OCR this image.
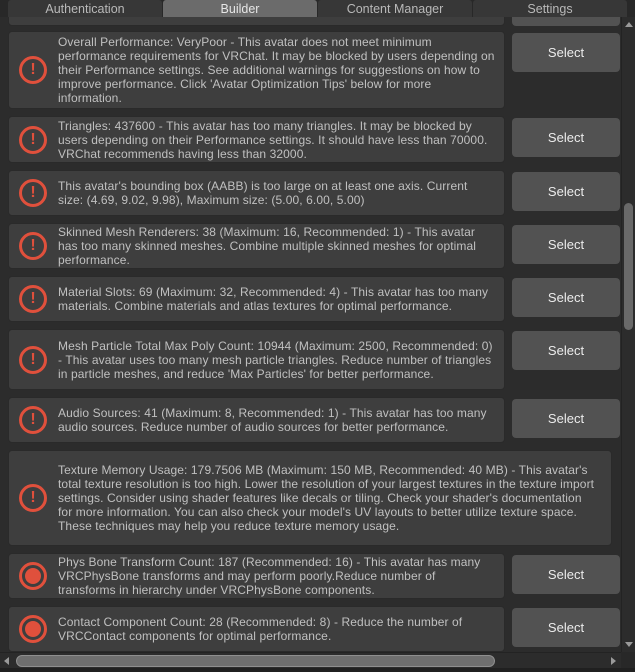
Authentication	Builder	Content Manager	Settings
!
Overall Performance: VeryPoor - This avatar does not meet minimum performance requirements for VRChat. It may be blocked by users depending on their Performance settings. See additional warnings for suggestions on how to improve performance. Click 'Avatar Optimization Tips' below for more information.
Select
!
Triangles: 437600 - This avatar has too many triangles. It may be blocked by users depending on their Performance settings. It should have less than 70000. VRChat recommends having less than 32000.
Select
!	This avatar's bounding box (AABB) is too large on at least one axis. Current size: (4.69, 9.02, 9.98), Maximum size: (5.00, 6.00, 5.00)
Select
!
Skinned Mesh Renderers: 38 (Maximum: 16, Recommended: 1) - This avatar has too many skinned meshes. Combine multiple skinned meshes for optimal performance.
Select
!	Material Slots: 69 (Maximum: 32, Recommended: 4) - This avatar has too many materials. Combine materials and atlas textures for optimal performance.
Select
!
Mesh Particle Total Max Poly Count: 10944 (Maximum: 2500, Recommended: 0) - This avatar uses too many mesh particle triangles. Reduce number of triangles in particle meshes, and reduce 'Max Particles' for better performance.
Select
!	Audio Sources: 41 (Maximum: 8, Recommended: 1) - This avatar has too many audio sources. Reduce number of audio sources for better performance.
Select
!
Texture Memory Usage: 179.7506 MB (Maximum: 150 MB, Recommended: 40 MB) - This avatar's total texture resolution is too high. Lower the resolution of your largest textures in the texture import settings. Consider using shader features like decals or tiling. Check your shader's documentation for more information. You can also check your model's UV layouts to better utilize texture space. These techniques may help you reduce texture memory usage.
Phys Bone Transform Count: 187 (Recommended: 16) - This avatar has many VRCPhysBone transforms and may perform poorly.Reduce number of transforms in hierarchy under VRCPhysBone components.
Select
Contact Component Count: 28 (Recommended: 8) - Reduce the number of VRCContact components for optimal performance.
Select
